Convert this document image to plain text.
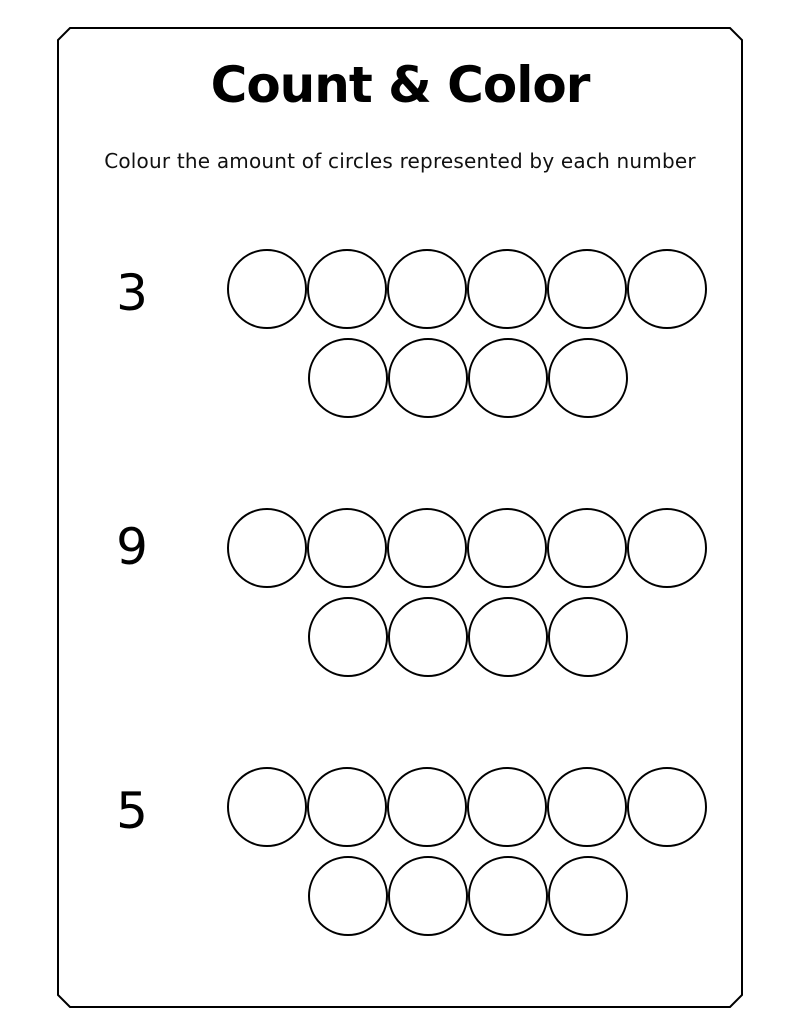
Count & Color
Colour the amount of circles represented by each number
3
9
5
